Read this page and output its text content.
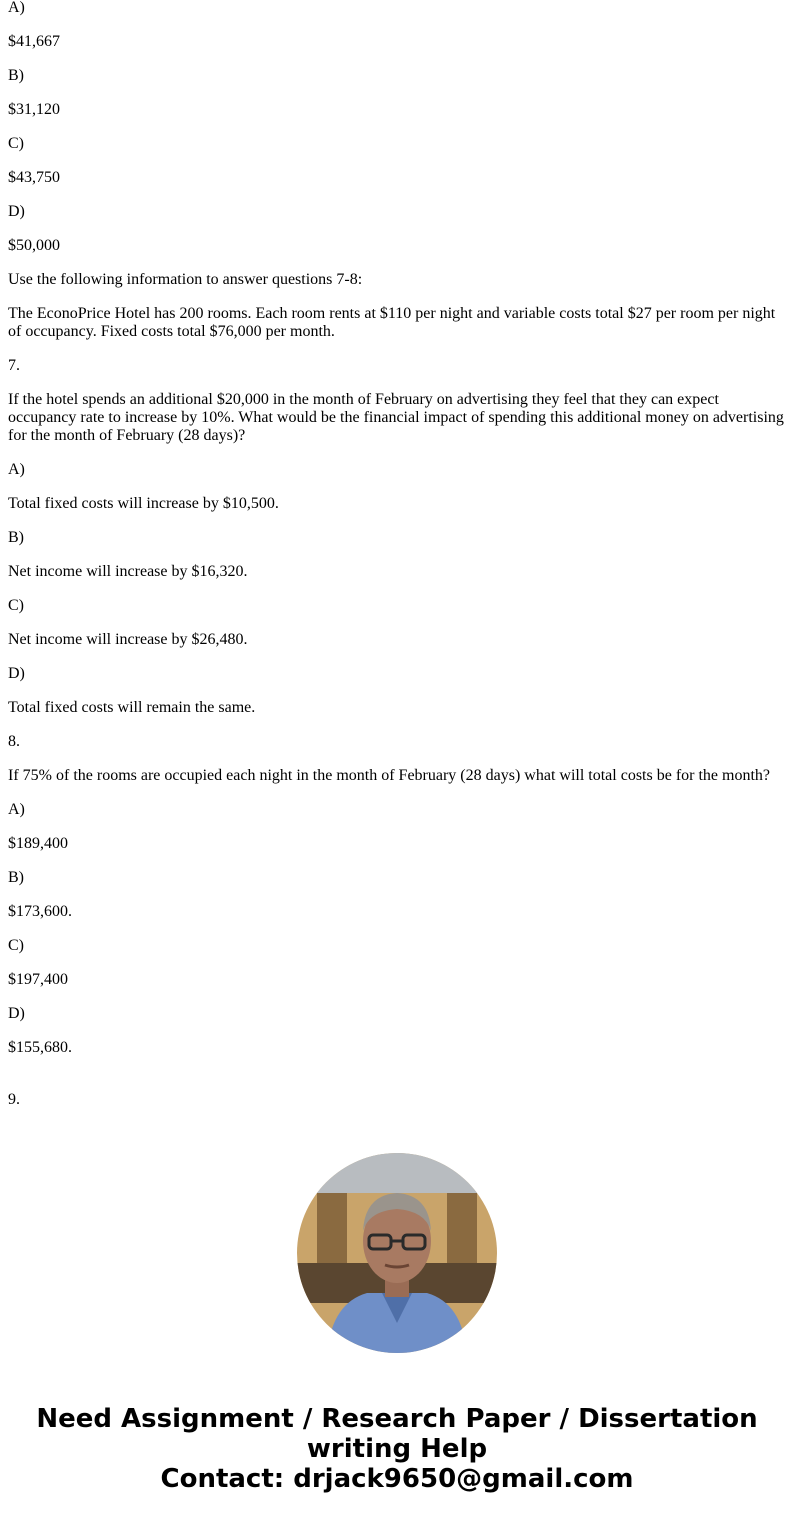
A)

$41,667

B)

$31,120

C)

$43,750

D)

$50,000

Use the following information to answer questions 7-8:

The EconoPrice Hotel has 200 rooms. Each room rents at $110 per night and variable costs total $27 per room per night of occupancy. Fixed costs total $76,000 per month.

7.

If the hotel spends an additional $20,000 in the month of February on advertising they feel that they can expect occupancy rate to increase by 10%. What would be the financial impact of spending this additional money on advertising for the month of February (28 days)?

A)

Total fixed costs will increase by $10,500.

B)

Net income will increase by $16,320.

C)

Net income will increase by $26,480.

D)

Total fixed costs will remain the same.

8.

If 75% of the rooms are occupied each night in the month of February (28 days) what will total costs be for the month?

A)

$189,400

B)

$173,600.

C)

$197,400

D)

$155,680.

9.

Need Assignment / Research Paper / Dissertation
writing Help
Contact: drjack9650@gmail.com
